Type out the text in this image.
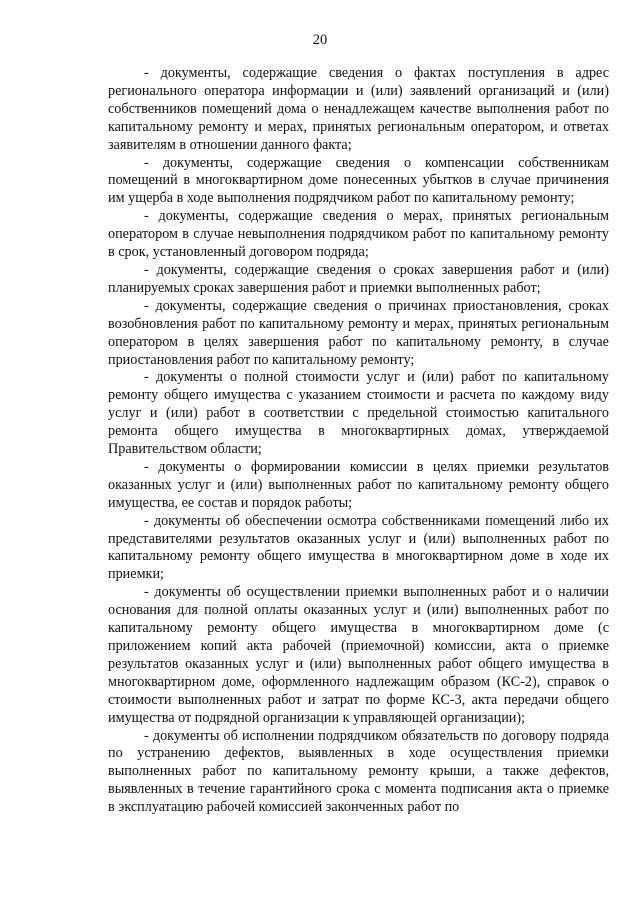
20

- документы, содержащие сведения о фактах поступления в адрес регионального оператора информации и (или) заявлений организаций и (или) собственников помещений дома о ненадлежащем качестве выполнения работ по капитальному ремонту и мерах, принятых региональным оператором, и ответах заявителям в отношении данного факта;

- документы, содержащие сведения о компенсации собственникам помещений в многоквартирном доме понесенных убытков в случае причинения им ущерба в ходе выполнения подрядчиком работ по капитальному ремонту;

- документы, содержащие сведения о мерах, принятых региональным оператором в случае невыполнения подрядчиком работ по капитальному ремонту в срок, установленный договором подряда;

- документы, содержащие сведения о сроках завершения работ и (или) планируемых сроках завершения работ и приемки выполненных работ;

- документы, содержащие сведения о причинах приостановления, сроках возобновления работ по капитальному ремонту и мерах, принятых региональным оператором в целях завершения работ по капитальному ремонту, в случае приостановления работ по капитальному ремонту;

- документы о полной стоимости услуг и (или) работ по капитальному ремонту общего имущества с указанием стоимости и расчета по каждому виду услуг и (или) работ в соответствии с предельной стоимостью капитального ремонта общего имущества в многоквартирных домах, утверждаемой Правительством области;

- документы о формировании комиссии в целях приемки результатов оказанных услуг и (или) выполненных работ по капитальному ремонту общего имущества, ее состав и порядок работы;

- документы об обеспечении осмотра собственниками помещений либо их представителями результатов оказанных услуг и (или) выполненных работ по капитальному ремонту общего имущества в многоквартирном доме в ходе их приемки;

- документы об осуществлении приемки выполненных работ и о наличии основания для полной оплаты оказанных услуг и (или) выполненных работ по капитальному ремонту общего имущества в многоквартирном доме (с приложением копий акта рабочей (приемочной) комиссии, акта о приемке результатов оказанных услуг и (или) выполненных работ общего имущества в многоквартирном доме, оформленного надлежащим образом (КС-2), справок о стоимости выполненных работ и затрат по форме КС-3, акта передачи общего имущества от подрядной организации к управляющей организации);

- документы об исполнении подрядчиком обязательств по договору подряда по устранению дефектов, выявленных в ходе осуществления приемки выполненных работ по капитальному ремонту крыши, а также дефектов, выявленных в течение гарантийного срока с момента подписания акта о приемке в эксплуатацию рабочей комиссией законченных работ по
